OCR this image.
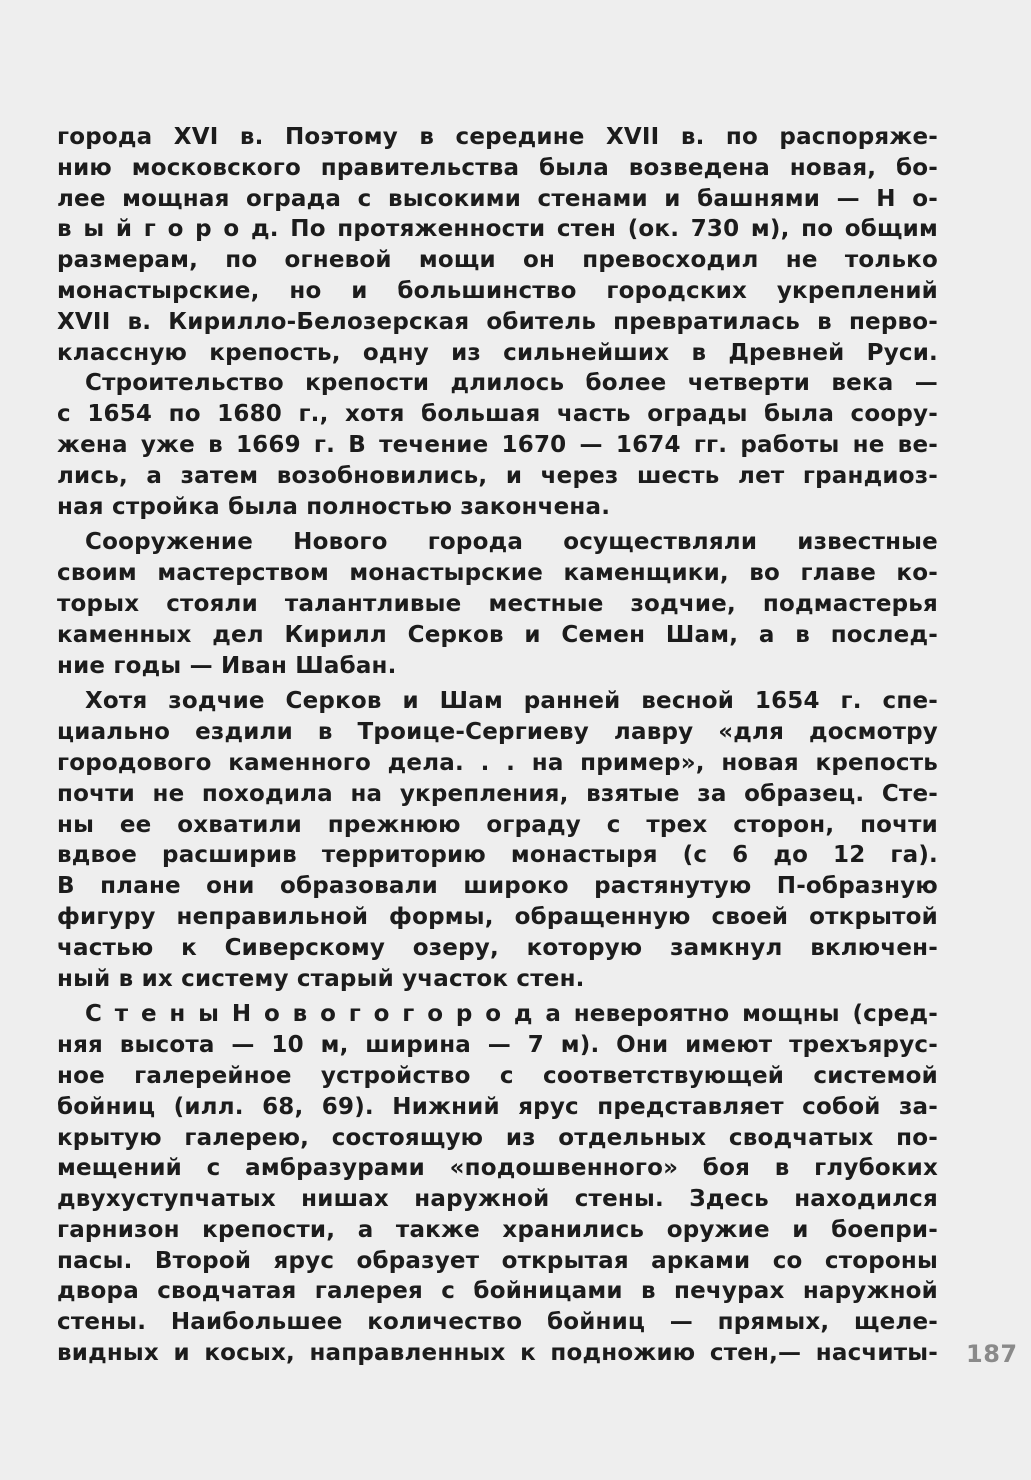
города XVI в. Поэтому в середине XVII в. по распоряже-
нию московского правительства была возведена новая, бо-
лее мощная ограда с высокими стенами и башнями — Н о-
в ы й г о р о д. По протяженности стен (ок. 730 м), по общим
размерам, по огневой мощи он превосходил не только
монастырские, но и большинство городских укреплений
XVII в. Кирилло-Белозерская обитель превратилась в перво-
классную крепость, одну из сильнейших в Древней Руси.
Строительство крепости длилось более четверти века —
с 1654 по 1680 г., хотя большая часть ограды была соору-
жена уже в 1669 г. В течение 1670 — 1674 гг. работы не ве-
лись, а затем возобновились, и через шесть лет грандиоз-
ная стройка была полностью закончена.
Сооружение Нового города осуществляли известные
своим мастерством монастырские каменщики, во главе ко-
торых стояли талантливые местные зодчие, подмастерья
каменных дел Кирилл Серков и Семен Шам, а в послед-
ние годы — Иван Шабан.
Хотя зодчие Серков и Шам ранней весной 1654 г. спе-
циально ездили в Троице-Сергиеву лавру «для досмотру
городового каменного дела. . . на пример», новая крепость
почти не походила на укрепления, взятые за образец. Сте-
ны ее охватили прежнюю ограду с трех сторон, почти
вдвое расширив территорию монастыря (с 6 до 12 га).
В плане они образовали широко растянутую П-образную
фигуру неправильной формы, обращенную своей открытой
частью к Сиверскому озеру, которую замкнул включен-
ный в их систему старый участок стен.
С т е н ы Н о в о г о г о р о д а невероятно мощны (сред-
няя высота — 10 м, ширина — 7 м). Они имеют трехъярус-
ное галерейное устройство с соответствующей системой
бойниц (илл. 68, 69). Нижний ярус представляет собой за-
крытую галерею, состоящую из отдельных сводчатых по-
мещений с амбразурами «подошвенного» боя в глубоких
двухуступчатых нишах наружной стены. Здесь находился
гарнизон крепости, а также хранились оружие и боепри-
пасы. Второй ярус образует открытая арками со стороны
двора сводчатая галерея с бойницами в печурах наружной
стены. Наибольшее количество бойниц — прямых, щеле-
видных и косых, направленных к подножию стен,— насчиты- 187
